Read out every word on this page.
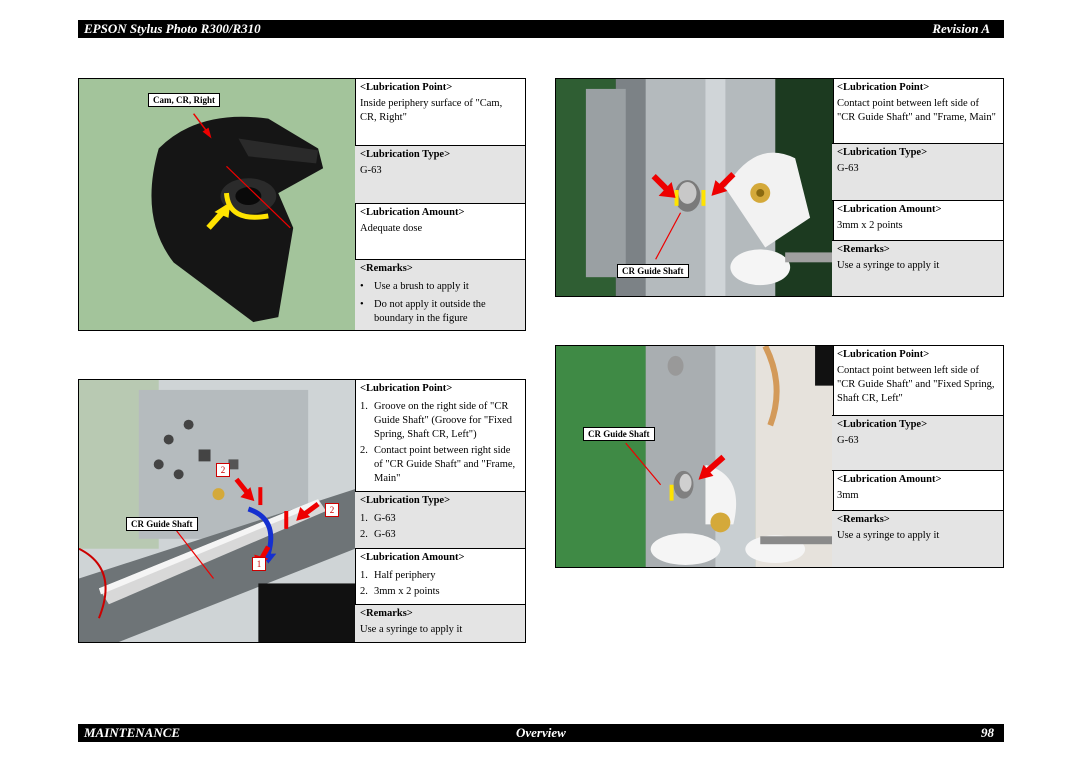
EPSON Stylus Photo R300/R310	Revision A
Cam, CR, Right
<Lubrication Point>
Inside periphery surface of "Cam, CR, Right"
<Lubrication Type>
G-63
<Lubrication Amount>
Adequate dose
<Remarks>
• Use a brush to apply it
• Do not apply it outside the boundary in the figure
CR Guide Shaft
<Lubrication Point>
Contact point between left side of "CR Guide Shaft" and "Frame, Main"
<Lubrication Type>
G-63
<Lubrication Amount>
3mm x 2 points
<Remarks>
Use a syringe to apply it
CR Guide Shaft
2
2
1
<Lubrication Point>
1. Groove on the right side of "CR Guide Shaft" (Groove for "Fixed Spring, Shaft CR, Left")
2. Contact point between right side of "CR Guide Shaft" and "Frame, Main"
<Lubrication Type>
1. G-63
2. G-63
<Lubrication Amount>
1. Half periphery
2. 3mm x 2 points
<Remarks>
Use a syringe to apply it
CR Guide Shaft
<Lubrication Point>
Contact point between left side of "CR Guide Shaft" and "Fixed Spring, Shaft CR, Left"
<Lubrication Type>
G-63
<Lubrication Amount>
3mm
<Remarks>
Use a syringe to apply it
MAINTENANCE	Overview	98
